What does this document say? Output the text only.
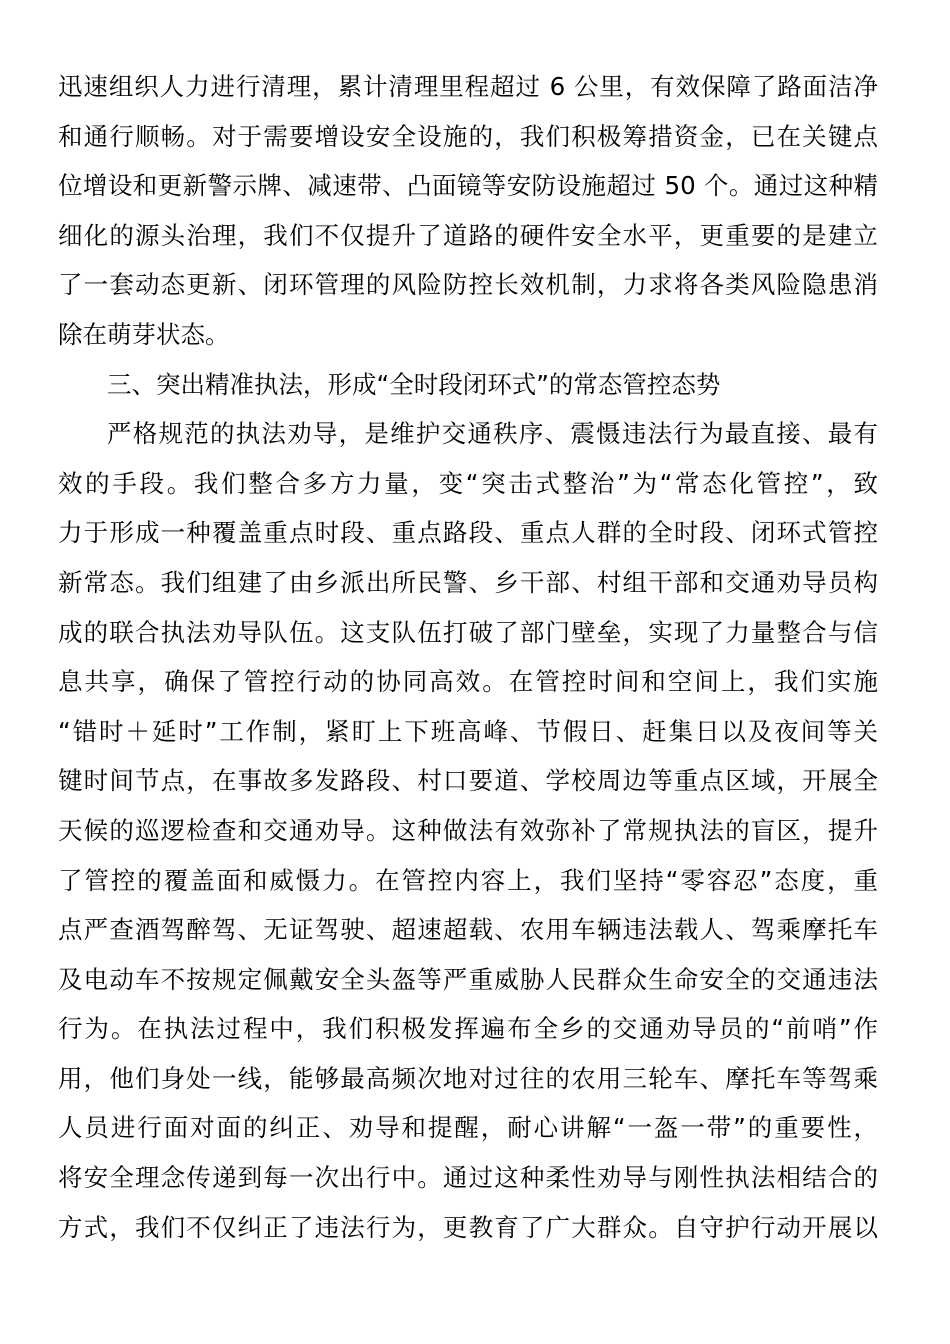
迅速组织人力进行清理，累计清理里程超过 6 公里，有效保障了路面洁净
和通行顺畅。对于需要增设安全设施的，我们积极筹措资金，已在关键点
位增设和更新警示牌、减速带、凸面镜等安防设施超过 50 个。通过这种精
细化的源头治理，我们不仅提升了道路的硬件安全水平，更重要的是建立
了一套动态更新、闭环管理的风险防控长效机制，力求将各类风险隐患消
除在萌芽状态。
三、突出精准执法，形成“全时段闭环式”的常态管控态势
严格规范的执法劝导，是维护交通秩序、震慑违法行为最直接、最有
效的手段。我们整合多方力量，变“突击式整治”为“常态化管控”，致
力于形成一种覆盖重点时段、重点路段、重点人群的全时段、闭环式管控
新常态。我们组建了由乡派出所民警、乡干部、村组干部和交通劝导员构
成的联合执法劝导队伍。这支队伍打破了部门壁垒，实现了力量整合与信
息共享，确保了管控行动的协同高效。在管控时间和空间上，我们实施
“错时＋延时”工作制，紧盯上下班高峰、节假日、赶集日以及夜间等关
键时间节点，在事故多发路段、村口要道、学校周边等重点区域，开展全
天候的巡逻检查和交通劝导。这种做法有效弥补了常规执法的盲区，提升
了管控的覆盖面和威慑力。在管控内容上，我们坚持“零容忍”态度，重
点严查酒驾醉驾、无证驾驶、超速超载、农用车辆违法载人、驾乘摩托车
及电动车不按规定佩戴安全头盔等严重威胁人民群众生命安全的交通违法
行为。在执法过程中，我们积极发挥遍布全乡的交通劝导员的“前哨”作
用，他们身处一线，能够最高频次地对过往的农用三轮车、摩托车等驾乘
人员进行面对面的纠正、劝导和提醒，耐心讲解“一盔一带”的重要性，
将安全理念传递到每一次出行中。通过这种柔性劝导与刚性执法相结合的
方式，我们不仅纠正了违法行为，更教育了广大群众。自守护行动开展以
